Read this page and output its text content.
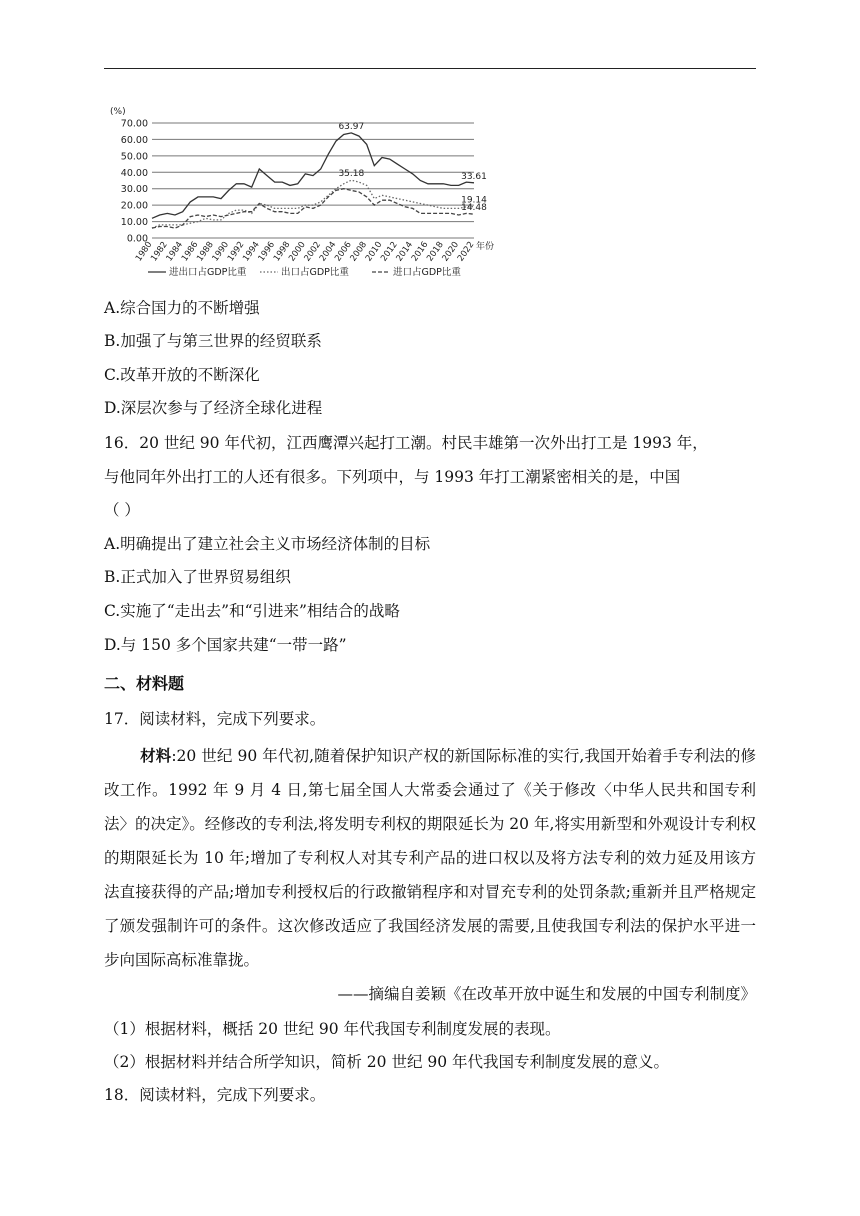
(%)
70.00
60.00
50.00
40.00
30.00
20.00
10.00
0.00
1980
1982
1984
1986
1988
1990
1992
1994
1996
1998
2000
2002
2004
2006
2008
2010
2012
2014
2016
2018
2020
2022 年份
63.97
35.18	33.61
19.14
14.48
进出口占GDP比重	出口占GDP比重	进口占GDP比重
A.综合国力的不断增强
B.加强了与第三世界的经贸联系
C.改革开放的不断深化
D.深层次参与了经济全球化进程
16．20 世纪 90 年代初，江西鹰潭兴起打工潮。村民丰雄第一次外出打工是 1993 年，
与他同年外出打工的人还有很多。下列项中，与 1993 年打工潮紧密相关的是，中国
（ ）
A.明确提出了建立社会主义市场经济体制的目标
B.正式加入了世界贸易组织
C.实施了“走出去”和“引进来”相结合的战略
D.与 150 多个国家共建“一带一路”
二、材料题
17．阅读材料，完成下列要求。
材料:20 世纪 90 年代初,随着保护知识产权的新国际标准的实行,我国开始着手专利法的修改工作。1992 年 9 月 4 日,第七届全国人大常委会通过了《关于修改〈中华人民共和国专利法〉的决定》。经修改的专利法,将发明专利权的期限延长为 20 年,将实用新型和外观设计专利权的期限延长为 10 年;增加了专利权人对其专利产品的进口权以及将方法专利的效力延及用该方法直接获得的产品;增加专利授权后的行政撤销程序和对冒充专利的处罚条款;重新并且严格规定了颁发强制许可的条件。这次修改适应了我国经济发展的需要,且使我国专利法的保护水平进一步向国际高标准靠拢。
——摘编自姜颖《在改革开放中诞生和发展的中国专利制度》
（1）根据材料，概括 20 世纪 90 年代我国专利制度发展的表现。
（2）根据材料并结合所学知识，简析 20 世纪 90 年代我国专利制度发展的意义。
18．阅读材料，完成下列要求。
